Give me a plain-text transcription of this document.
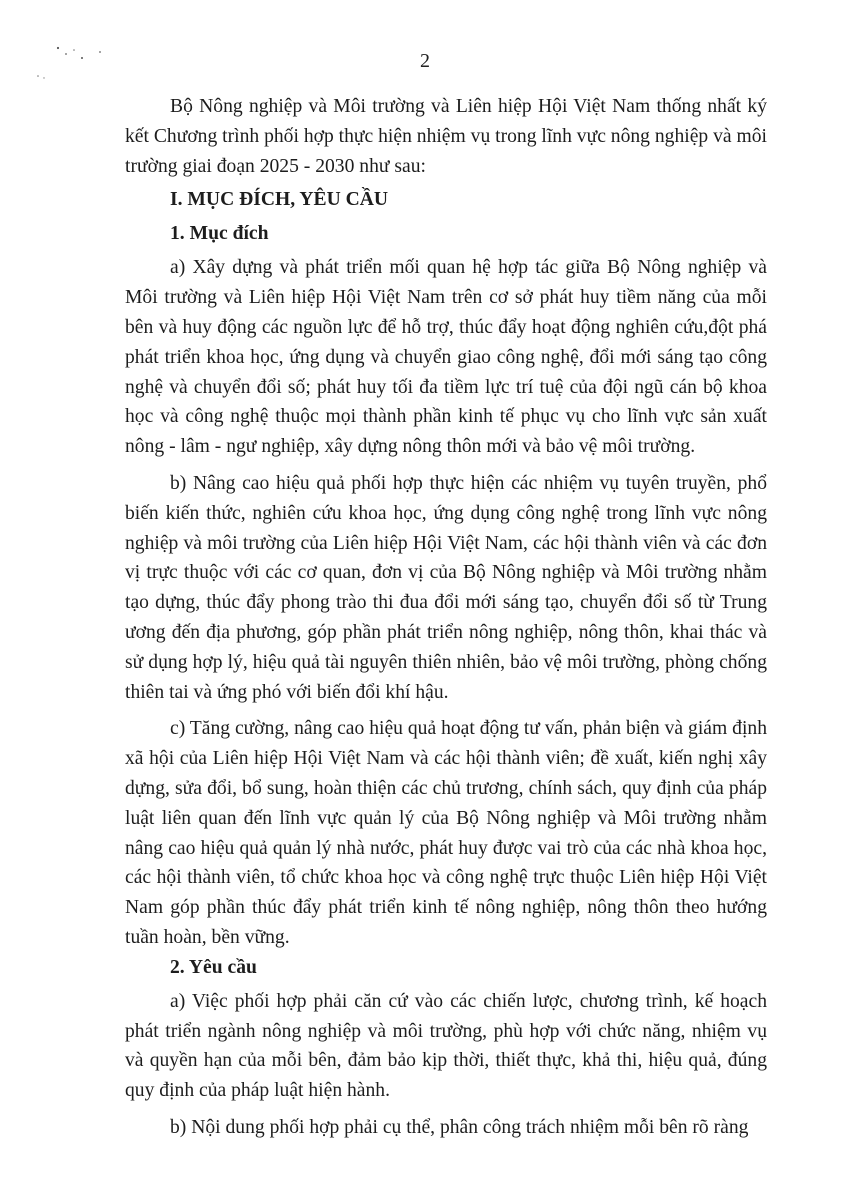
2

Bộ Nông nghiệp và Môi trường và Liên hiệp Hội Việt Nam thống nhất ký kết Chương trình phối hợp thực hiện nhiệm vụ trong lĩnh vực nông nghiệp và môi trường giai đoạn 2025 - 2030 như sau:

I. MỤC ĐÍCH, YÊU CẦU
1. Mục đích

a) Xây dựng và phát triển mối quan hệ hợp tác giữa Bộ Nông nghiệp và Môi trường và Liên hiệp Hội Việt Nam trên cơ sở phát huy tiềm năng của mỗi bên và huy động các nguồn lực để hỗ trợ, thúc đẩy hoạt động nghiên cứu,đột phá phát triển khoa học, ứng dụng và chuyển giao công nghệ, đổi mới sáng tạo công nghệ và chuyển đổi số; phát huy tối đa tiềm lực trí tuệ của đội ngũ cán bộ khoa học và công nghệ thuộc mọi thành phần kinh tế phục vụ cho lĩnh vực sản xuất nông - lâm - ngư nghiệp, xây dựng nông thôn mới và bảo vệ môi trường.

b) Nâng cao hiệu quả phối hợp thực hiện các nhiệm vụ tuyên truyền, phổ biến kiến thức, nghiên cứu khoa học, ứng dụng công nghệ trong lĩnh vực nông nghiệp và môi trường của Liên hiệp Hội Việt Nam, các hội thành viên và các đơn vị trực thuộc với các cơ quan, đơn vị của Bộ Nông nghiệp và Môi trường nhằm tạo dựng, thúc đẩy phong trào thi đua đổi mới sáng tạo, chuyển đổi số từ Trung ương đến địa phương, góp phần phát triển nông nghiệp, nông thôn, khai thác và sử dụng hợp lý, hiệu quả tài nguyên thiên nhiên, bảo vệ môi trường, phòng chống thiên tai và ứng phó với biến đổi khí hậu.

c) Tăng cường, nâng cao hiệu quả hoạt động tư vấn, phản biện và giám định xã hội của Liên hiệp Hội Việt Nam và các hội thành viên; đề xuất, kiến nghị xây dựng, sửa đổi, bổ sung, hoàn thiện các chủ trương, chính sách, quy định của pháp luật liên quan đến lĩnh vực quản lý của Bộ Nông nghiệp và Môi trường nhằm nâng cao hiệu quả quản lý nhà nước, phát huy được vai trò của các nhà khoa học, các hội thành viên, tổ chức khoa học và công nghệ trực thuộc Liên hiệp Hội Việt Nam góp phần thúc đẩy phát triển kinh tế nông nghiệp, nông thôn theo hướng tuần hoàn, bền vững.

2. Yêu cầu

a) Việc phối hợp phải căn cứ vào các chiến lược, chương trình, kế hoạch phát triển ngành nông nghiệp và môi trường, phù hợp với chức năng, nhiệm vụ và quyền hạn của mỗi bên, đảm bảo kịp thời, thiết thực, khả thi, hiệu quả, đúng quy định của pháp luật hiện hành.

b) Nội dung phối hợp phải cụ thể, phân công trách nhiệm mỗi bên rõ ràng
